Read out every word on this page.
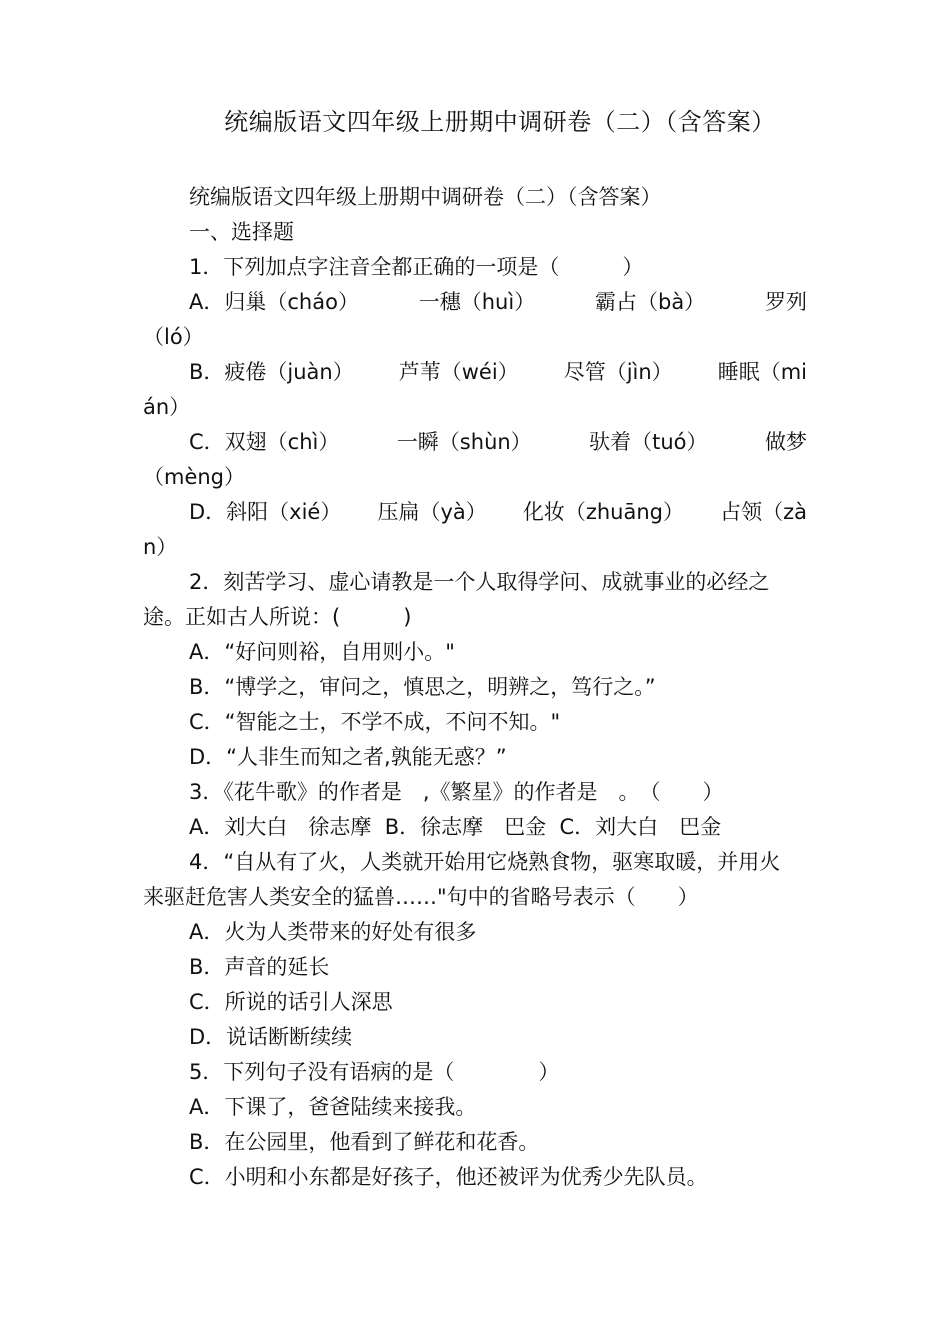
统编版语文四年级上册期中调研卷（二）（含答案）
统编版语文四年级上册期中调研卷（二）（含答案）
一、选择题
1．下列加点字注音全都正确的一项是（　　　）
A．归巢（cháo）	一穗（huì）	霸占（bà）	罗列
（ló）
B．疲倦（juàn） 芦苇（wéi） 尽管（jìn） 睡眠（mi
án）
C．双翅（chì）	一瞬（shùn）	驮着（tuó）	做梦
（mèng）
D．斜阳（xié） 压扁（yà） 化妆（zhuāng） 占领（zà
n）
2．刻苦学习、虚心请教是一个人取得学问、成就事业的必经之
途。正如古人所说：(　　　)
A．“好问则裕，自用则小。"
B．“博学之，审问之，慎思之，明辨之，笃行之。”
C．“智能之士，不学不成，不问不知。"
D．“人非生而知之者,孰能无惑？”
3．《花牛歌》的作者是　,《繁星》的作者是　。　（　　）
A．刘大白　徐志摩  B．徐志摩　巴金  C．刘大白　巴金
4．“自从有了火，人类就开始用它烧熟食物，驱寒取暖，并用火
来驱赶危害人类安全的猛兽……"句中的省略号表示（　　）
A．火为人类带来的好处有很多
B．声音的延长
C．所说的话引人深思
D．说话断断续续
5．下列句子没有语病的是（　　　　）
A．下课了，爸爸陆续来接我。
B．在公园里，他看到了鲜花和花香。
C．小明和小东都是好孩子，他还被评为优秀少先队员。
